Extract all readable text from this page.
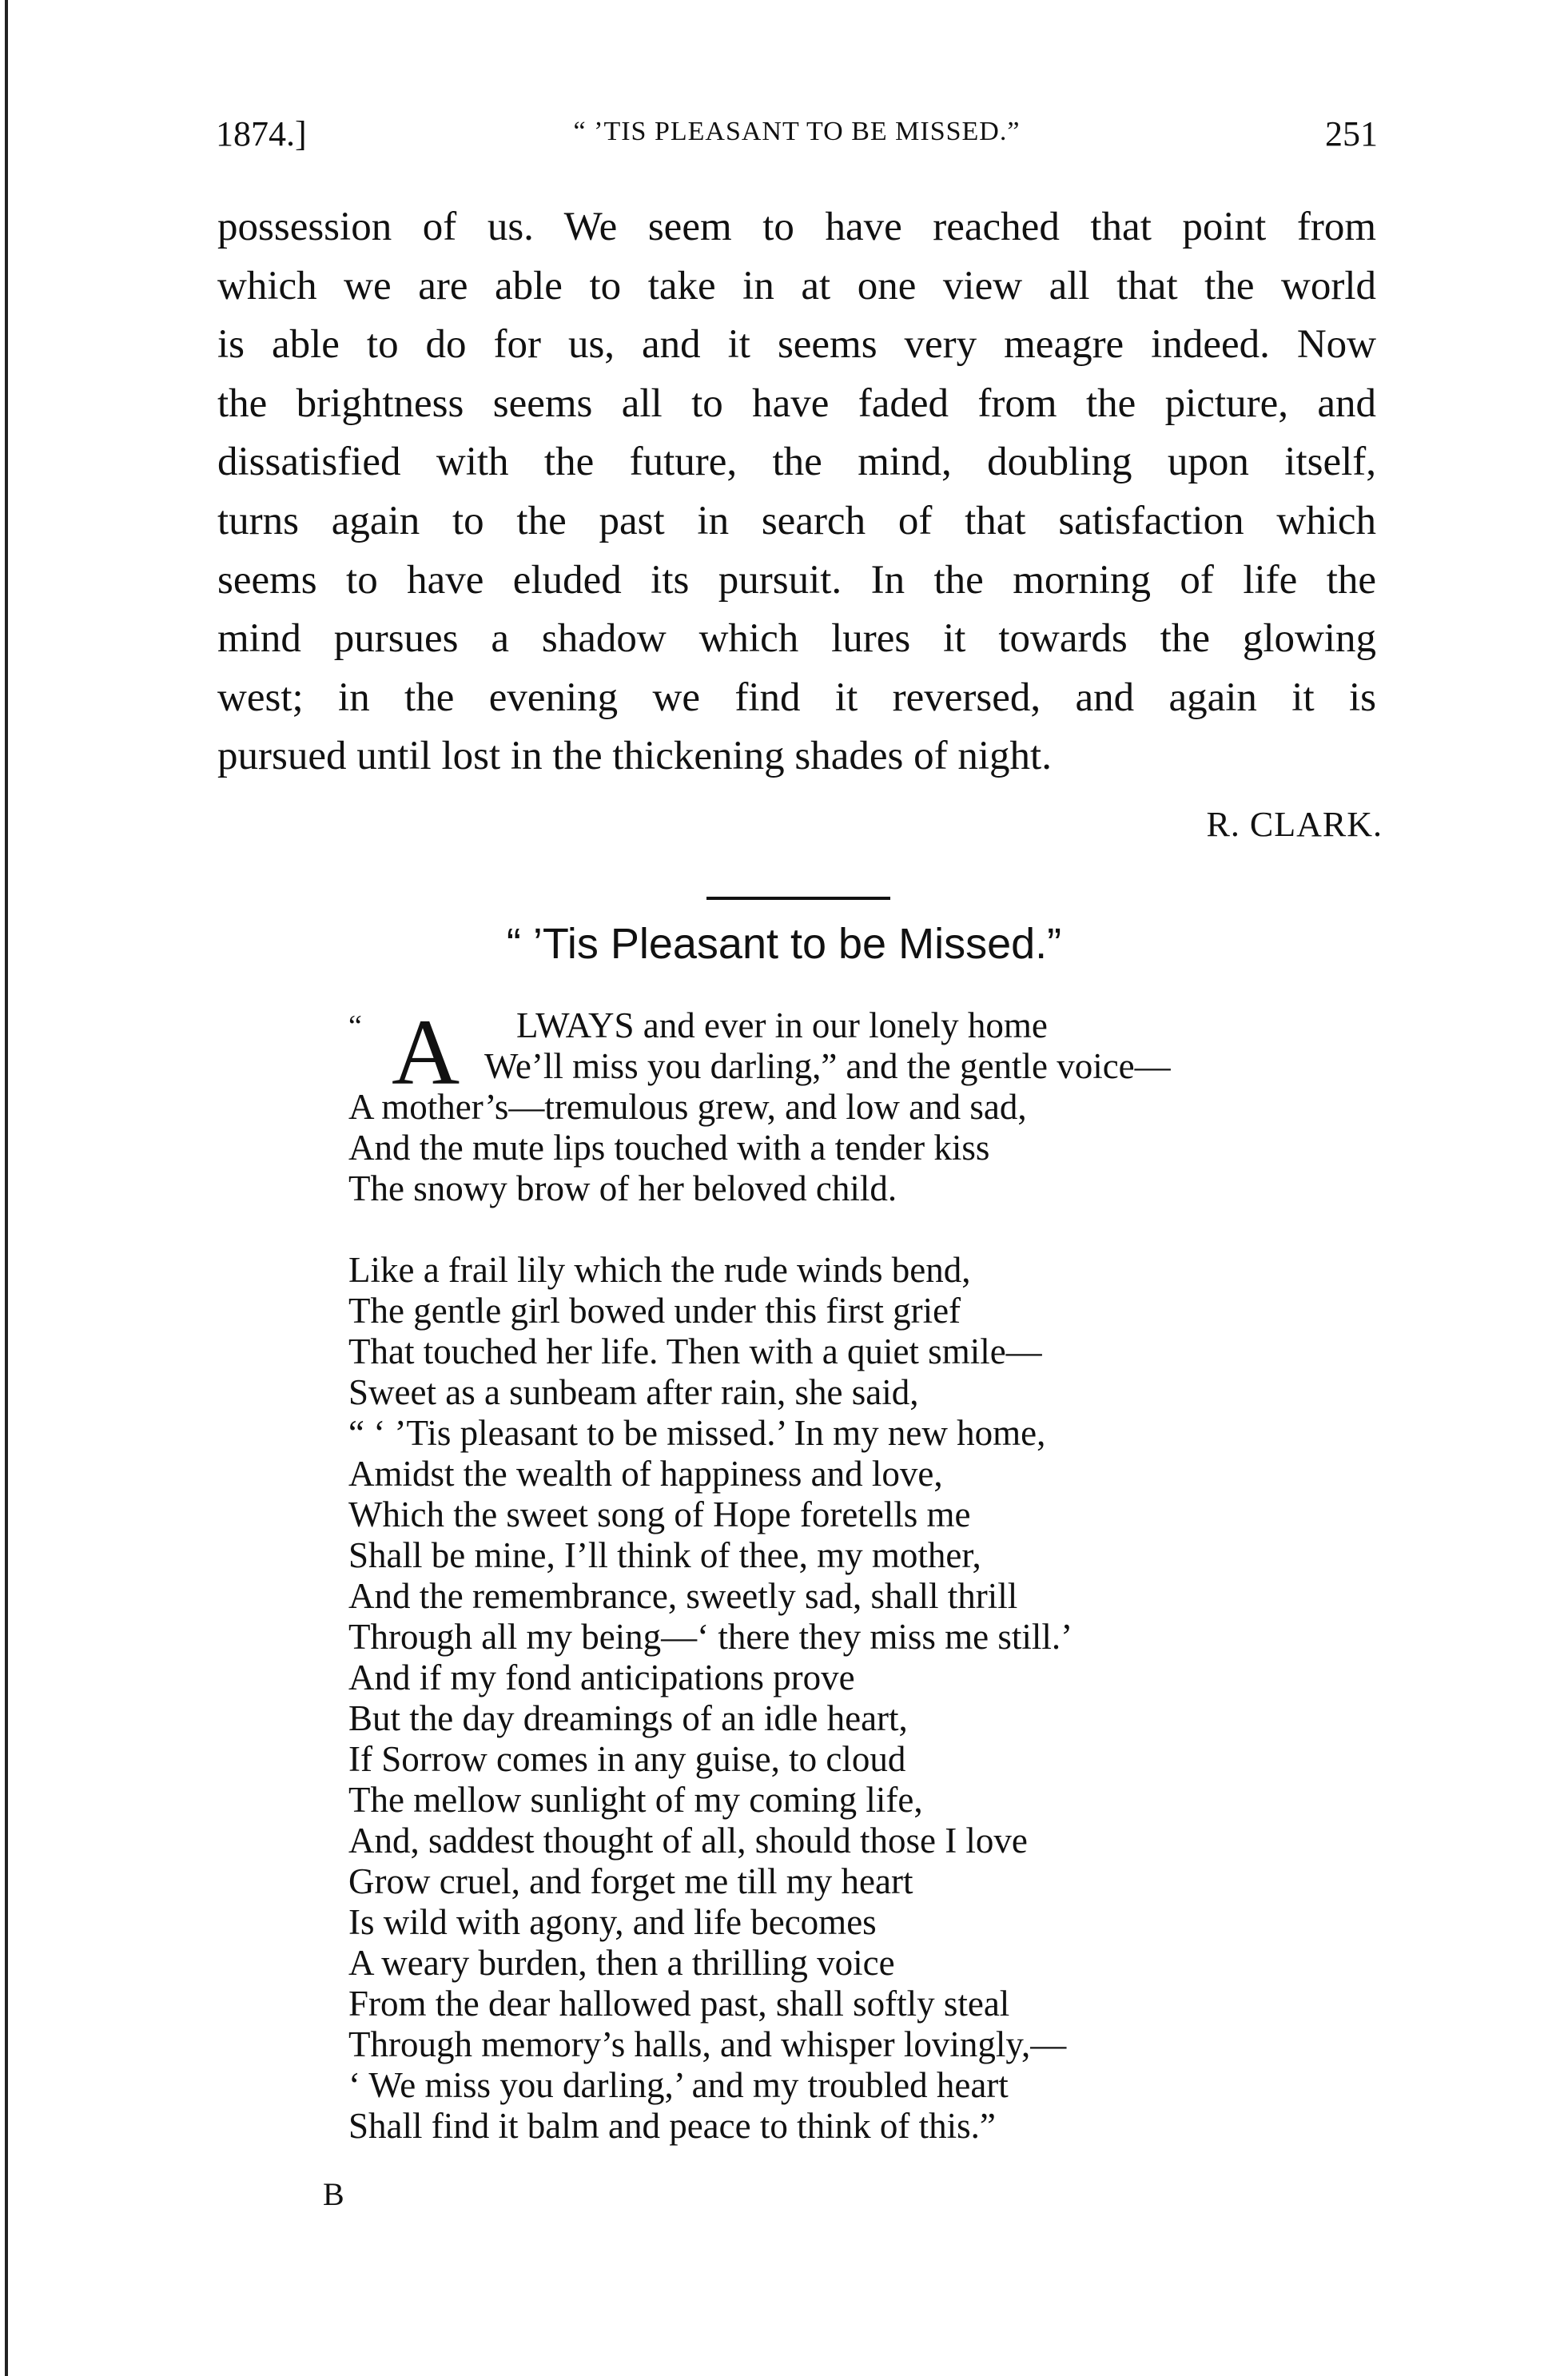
1874.]	“ ’TIS PLEASANT TO BE MISSED.”	251
possession of us. We seem to have reached that point from
which we are able to take in at one view all that the world
is able to do for us, and it seems very meagre indeed. Now
the brightness seems all to have faded from the picture, and
dissatisfied with the future, the mind, doubling upon itself,
turns again to the past in search of that satisfaction which
seems to have eluded its pursuit. In the morning of life the
mind pursues a shadow which lures it towards the glowing
west; in the evening we find it reversed, and again it is
pursued until lost in the thickening shades of night.
R. CLARK.
“ ’Tis Pleasant to be Missed.”
“ A	LWAYS and ever in our lonely home
We’ll miss you darling,” and the gentle voice—
A mother’s—tremulous grew, and low and sad,
And the mute lips touched with a tender kiss
The snowy brow of her beloved child.
Like a frail lily which the rude winds bend,
The gentle girl bowed under this first grief
That touched her life. Then with a quiet smile—
Sweet as a sunbeam after rain, she said,
“ ‘ ’Tis pleasant to be missed.’ In my new home,
Amidst the wealth of happiness and love,
Which the sweet song of Hope foretells me
Shall be mine, I’ll think of thee, my mother,
And the remembrance, sweetly sad, shall thrill
Through all my being—‘ there they miss me still.’
And if my fond anticipations prove
But the day dreamings of an idle heart,
If Sorrow comes in any guise, to cloud
The mellow sunlight of my coming life,
And, saddest thought of all, should those I love
Grow cruel, and forget me till my heart
Is wild with agony, and life becomes
A weary burden, then a thrilling voice
From the dear hallowed past, shall softly steal
Through memory’s halls, and whisper lovingly,—
‘ We miss you darling,’ and my troubled heart
Shall find it balm and peace to think of this.”
B
